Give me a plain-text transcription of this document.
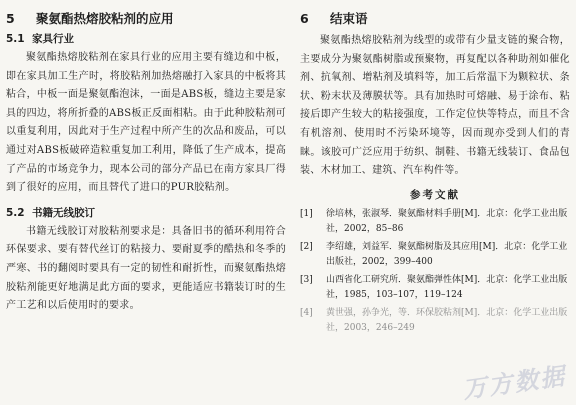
5 聚氨酯热熔胶粘剂的应用
5.1 家具行业

聚氨酯热熔胶粘剂在家具行业的应用主要有缝边和中板，即在家具加工生产时，将胶粘剂加热熔融打入家具的中板将其粘合，中板一面是聚氨酯泡沫，一面是ABS板，缝边主要是家具的四边，将所折叠的ABS板正反面相粘。由于此种胶粘剂可以重复利用，因此对于生产过程中所产生的次品和废品，可以通过对ABS板破碎造粒重复加工利用，降低了生产成本，提高了产品的市场竞争力，现本公司的部分产品已在南方家具厂得到了很好的应用，而且替代了进口的PUR胶粘剂。

5.2 书籍无线胶订

书籍无线胶订对胶粘剂要求是：具备旧书的循环利用符合环保要求、要有替代丝订的粘接力、要耐夏季的酷热和冬季的严寒、书的翻阅时要具有一定的韧性和耐折性，而聚氨酯热熔胶粘剂能更好地满足此方面的要求，更能适应书籍装订时的生产工艺和以后使用时的要求。

6 结束语

聚氨酯热熔胶粘剂为线型的或带有少量支链的聚合物，主要成分为聚氨酯树脂或预聚物，再复配以各种助剂如催化剂、抗氧剂、增粘剂及填料等，加工后常温下为颗粒状、条状、粉末状及薄膜状等。具有加热时可熔融、易于涂布、粘接后即产生较大的粘接强度，工作定位快等特点，而且不含有机溶剂、使用时不污染环境等，因而现亦受到人们的青睐。该胶可广泛应用于纺织、制鞋、书籍无线装订、食品包装、木材加工、建筑、汽车构件等。

参考文献
[1]	徐培林，张淑琴．聚氨酯材料手册[M]．北京：化学工业出版社，2002，85–86
[2]	李绍雄，刘益军．聚氨酯树脂及其应用[M]．北京：化学工业出版社，2002，399–400
[3]	山西省化工研究所．聚氨酯弹性体[M]．北京：化学工业出版社，1985，103–107，119–124
[4]	黄世强，孙争光，等．环保胶粘剂[M]．北京：化学工业出版社，2003，246–249
万方数据
